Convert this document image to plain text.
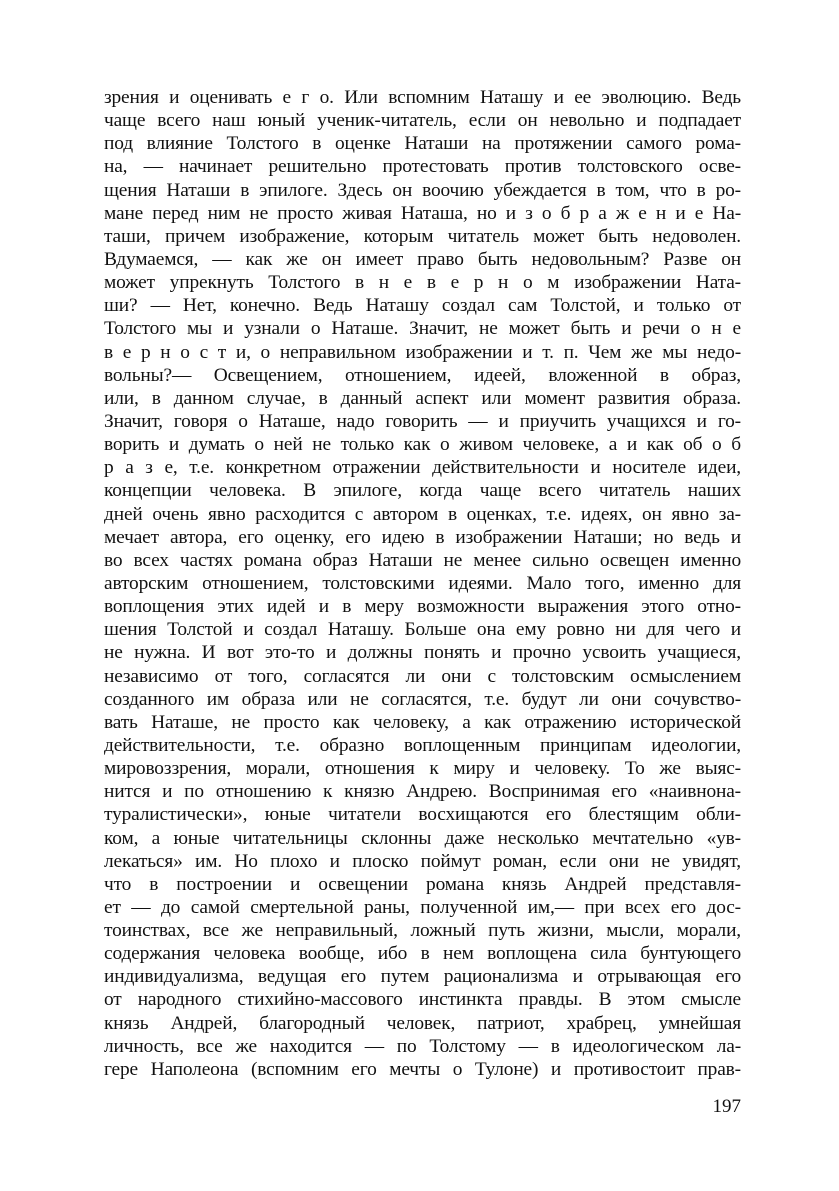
зрения и оценивать е г о. Или вспомним Наташу и ее эволюцию. Ведь
чаще всего наш юный ученик-читатель, если он невольно и подпадает
под влияние Толстого в оценке Наташи на протяжении самого рома-
на, — начинает решительно протестовать против толстовского осве-
щения Наташи в эпилоге. Здесь он воочию убеждается в том, что в ро-
мане перед ним не просто живая Наташа, но и з о б р а ж е н и е На-
таши, причем изображение, которым читатель может быть недоволен.
Вдумаемся, — как же он имеет право быть недовольным? Разве он
может упрекнуть Толстого в н е в е р н о м изображении Ната-
ши? — Нет, конечно. Ведь Наташу создал сам Толстой, и только от
Толстого мы и узнали о Наташе. Значит, не может быть и речи о н е
в е р н о с т и, о неправильном изображении и т. п. Чем же мы недо-
вольны?— Освещением, отношением, идеей, вложенной в образ,
или, в данном случае, в данный аспект или момент развития образа.
Значит, говоря о Наташе, надо говорить — и приучить учащихся и го-
ворить и думать о ней не только как о живом человеке, а и как об о б
р а з е, т.е. конкретном отражении действительности и носителе идеи,
концепции человека. В эпилоге, когда чаще всего читатель наших
дней очень явно расходится с автором в оценках, т.е. идеях, он явно за-
мечает автора, его оценку, его идею в изображении Наташи; но ведь и
во всех частях романа образ Наташи не менее сильно освещен именно
авторским отношением, толстовскими идеями. Мало того, именно для
воплощения этих идей и в меру возможности выражения этого отно-
шения Толстой и создал Наташу. Больше она ему ровно ни для чего и
не нужна. И вот это-то и должны понять и прочно усвоить учащиеся,
независимо от того, согласятся ли они с толстовским осмыслением
созданного им образа или не согласятся, т.е. будут ли они сочувство-
вать Наташе, не просто как человеку, а как отражению исторической
действительности, т.е. образно воплощенным принципам идеологии,
мировоззрения, морали, отношения к миру и человеку. То же выяс-
нится и по отношению к князю Андрею. Воспринимая его «наивнона-
туралистически», юные читатели восхищаются его блестящим обли-
ком, а юные читательницы склонны даже несколько мечтательно «ув-
лекаться» им. Но плохо и плоско поймут роман, если они не увидят,
что в построении и освещении романа князь Андрей представля-
ет — до самой смертельной раны, полученной им,— при всех его дос-
тоинствах, все же неправильный, ложный путь жизни, мысли, морали,
содержания человека вообще, ибо в нем воплощена сила бунтующего
индивидуализма, ведущая его путем рационализма и отрывающая его
от народного стихийно-массового инстинкта правды. В этом смысле
князь Андрей, благородный человек, патриот, храбрец, умнейшая
личность, все же находится — по Толстому — в идеологическом ла-
гере Наполеона (вспомним его мечты о Тулоне) и противостоит прав-
197
